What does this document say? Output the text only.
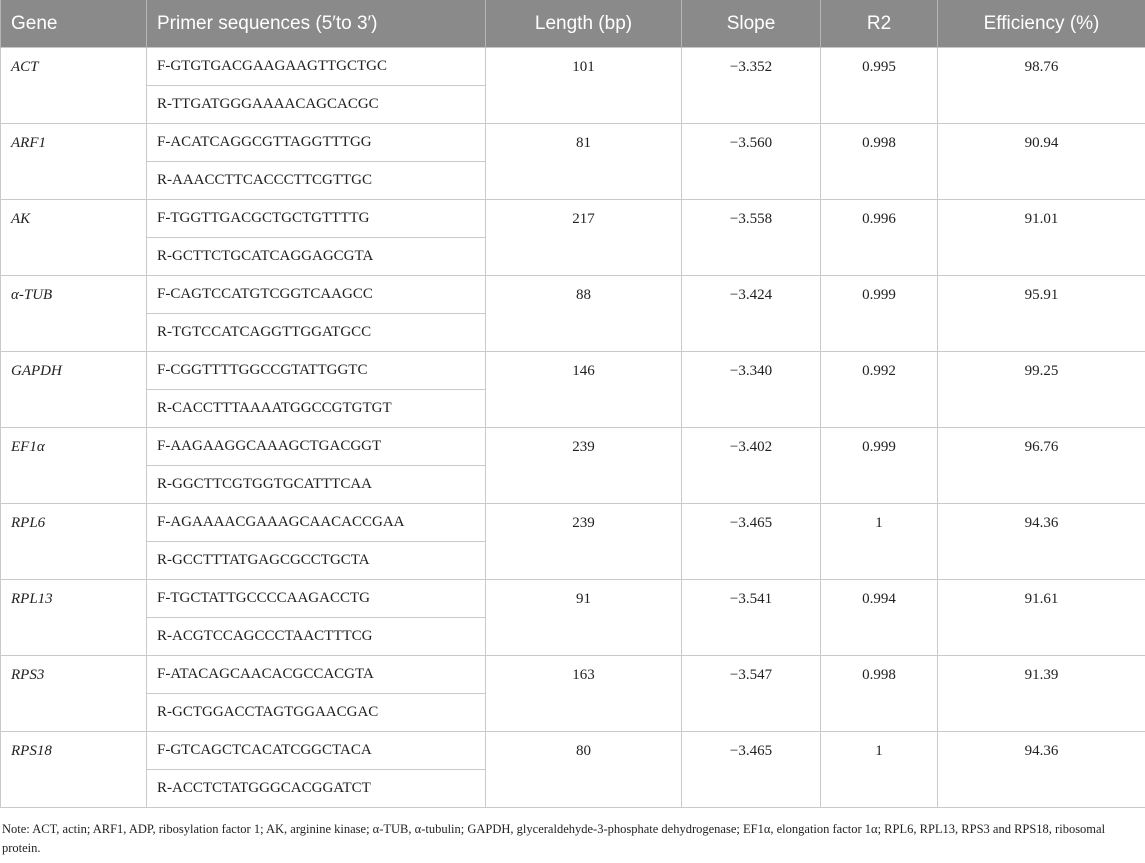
Gene	Primer sequences (5′to 3′)	Length (bp)	Slope	R2	Efficiency (%)

ACT	F-GTGTGACGAAGAAGTTGCTGC	101	−3.352	0.995	98.76

	R-TTGATGGGAAAACAGCACGC				

ARF1	F-ACATCAGGCGTTAGGTTTGG	81	−3.560	0.998	90.94

	R-AAACCTTCACCCTTCGTTGC				

AK	F-TGGTTGACGCTGCTGTTTTG	217	−3.558	0.996	91.01

	R-GCTTCTGCATCAGGAGCGTA				

α-TUB	F-CAGTCCATGTCGGTCAAGCC	88	−3.424	0.999	95.91

	R-TGTCCATCAGGTTGGATGCC				

GAPDH	F-CGGTTTTGGCCGTATTGGTC	146	−3.340	0.992	99.25

	R-CACCTTTAAAATGGCCGTGTGT				

EF1α	F-AAGAAGGCAAAGCTGACGGT	239	−3.402	0.999	96.76

	R-GGCTTCGTGGTGCATTTCAA				

RPL6	F-AGAAAACGAAAGCAACACCGAA	239	−3.465	1	94.36

	R-GCCTTTATGAGCGCCTGCTA				

RPL13	F-TGCTATTGCCCCAAGACCTG	91	−3.541	0.994	91.61

	R-ACGTCCAGCCCTAACTTTCG				

RPS3	F-ATACAGCAACACGCCACGTA	163	−3.547	0.998	91.39

	R-GCTGGACCTAGTGGAACGAC				

RPS18	F-GTCAGCTCACATCGGCTACA	80	−3.465	1	94.36

	R-ACCTCTATGGGCACGGATCT				
Note: ACT, actin; ARF1, ADP, ribosylation factor 1; AK, arginine kinase; α-TUB, α-tubulin; GAPDH, glyceraldehyde-3-phosphate dehydrogenase; EF1α, elongation factor 1α; RPL6, RPL13, RPS3 and RPS18, ribosomal protein.
